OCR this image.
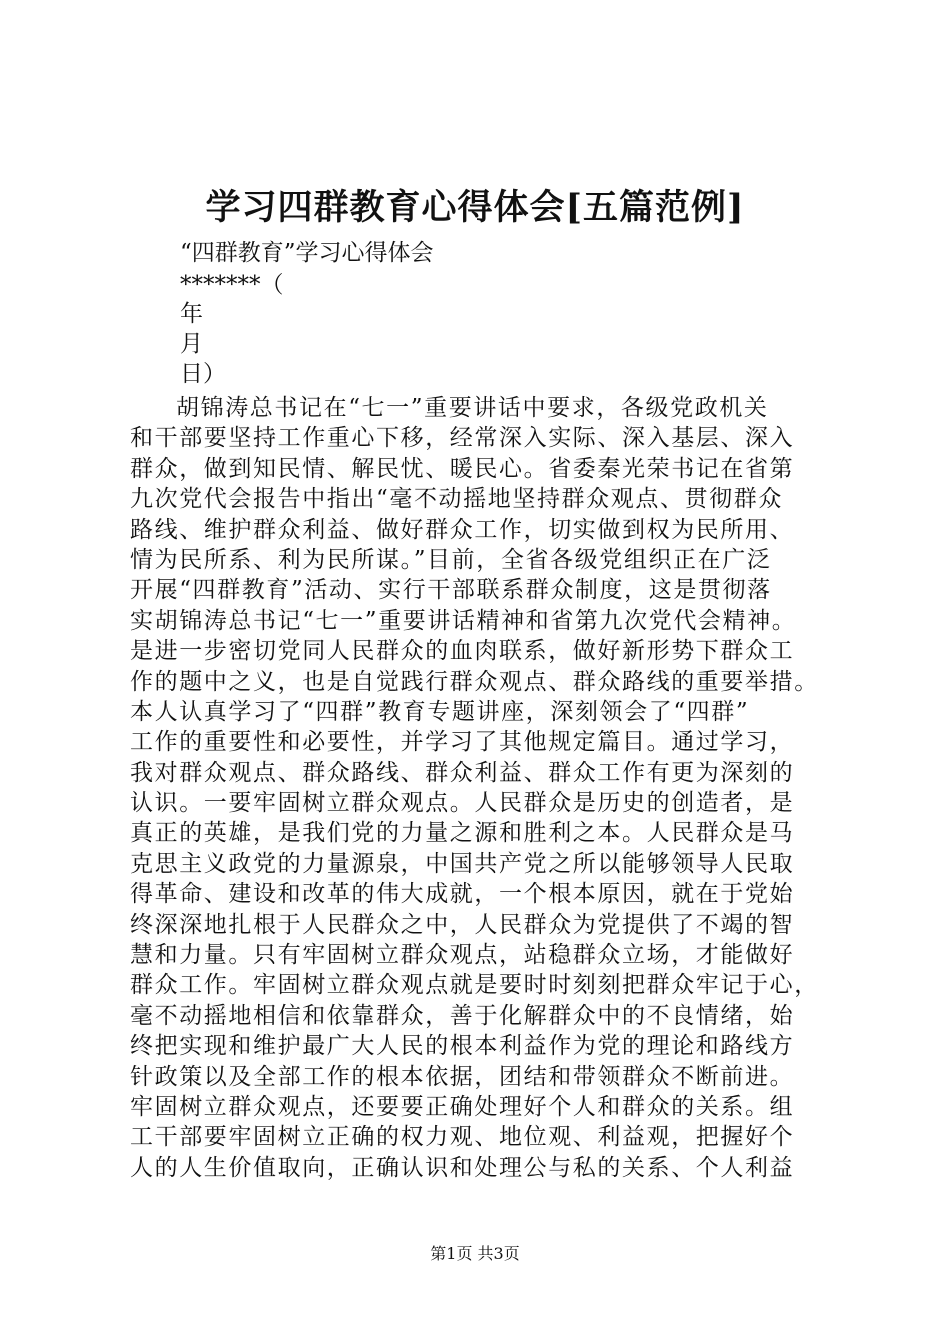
学习四群教育心得体会[五篇范例]
“四群教育”学习心得体会
*******（
年
月
日）
胡锦涛总书记在“七一”重要讲话中要求，各级党政机关
和干部要坚持工作重心下移，经常深入实际、深入基层、深入
群众，做到知民情、解民忧、暖民心。省委秦光荣书记在省第
九次党代会报告中指出“毫不动摇地坚持群众观点、贯彻群众
路线、维护群众利益、做好群众工作，切实做到权为民所用、
情为民所系、利为民所谋。”目前，全省各级党组织正在广泛
开展“四群教育”活动、实行干部联系群众制度，这是贯彻落
实胡锦涛总书记“七一”重要讲话精神和省第九次党代会精神。
是进一步密切党同人民群众的血肉联系，做好新形势下群众工
作的题中之义，也是自觉践行群众观点、群众路线的重要举措。
本人认真学习了“四群”教育专题讲座，深刻领会了“四群”
工作的重要性和必要性，并学习了其他规定篇目。通过学习，
我对群众观点、群众路线、群众利益、群众工作有更为深刻的
认识。一要牢固树立群众观点。人民群众是历史的创造者，是
真正的英雄，是我们党的力量之源和胜利之本。人民群众是马
克思主义政党的力量源泉，中国共产党之所以能够领导人民取
得革命、建设和改革的伟大成就，一个根本原因，就在于党始
终深深地扎根于人民群众之中，人民群众为党提供了不竭的智
慧和力量。只有牢固树立群众观点，站稳群众立场，才能做好
群众工作。牢固树立群众观点就是要时时刻刻把群众牢记于心，
毫不动摇地相信和依靠群众，善于化解群众中的不良情绪，始
终把实现和维护最广大人民的根本利益作为党的理论和路线方
针政策以及全部工作的根本依据，团结和带领群众不断前进。
牢固树立群众观点，还要要正确处理好个人和群众的关系。组
工干部要牢固树立正确的权力观、地位观、利益观，把握好个
人的人生价值取向，正确认识和处理公与私的关系、个人利益
第1页 共3页
